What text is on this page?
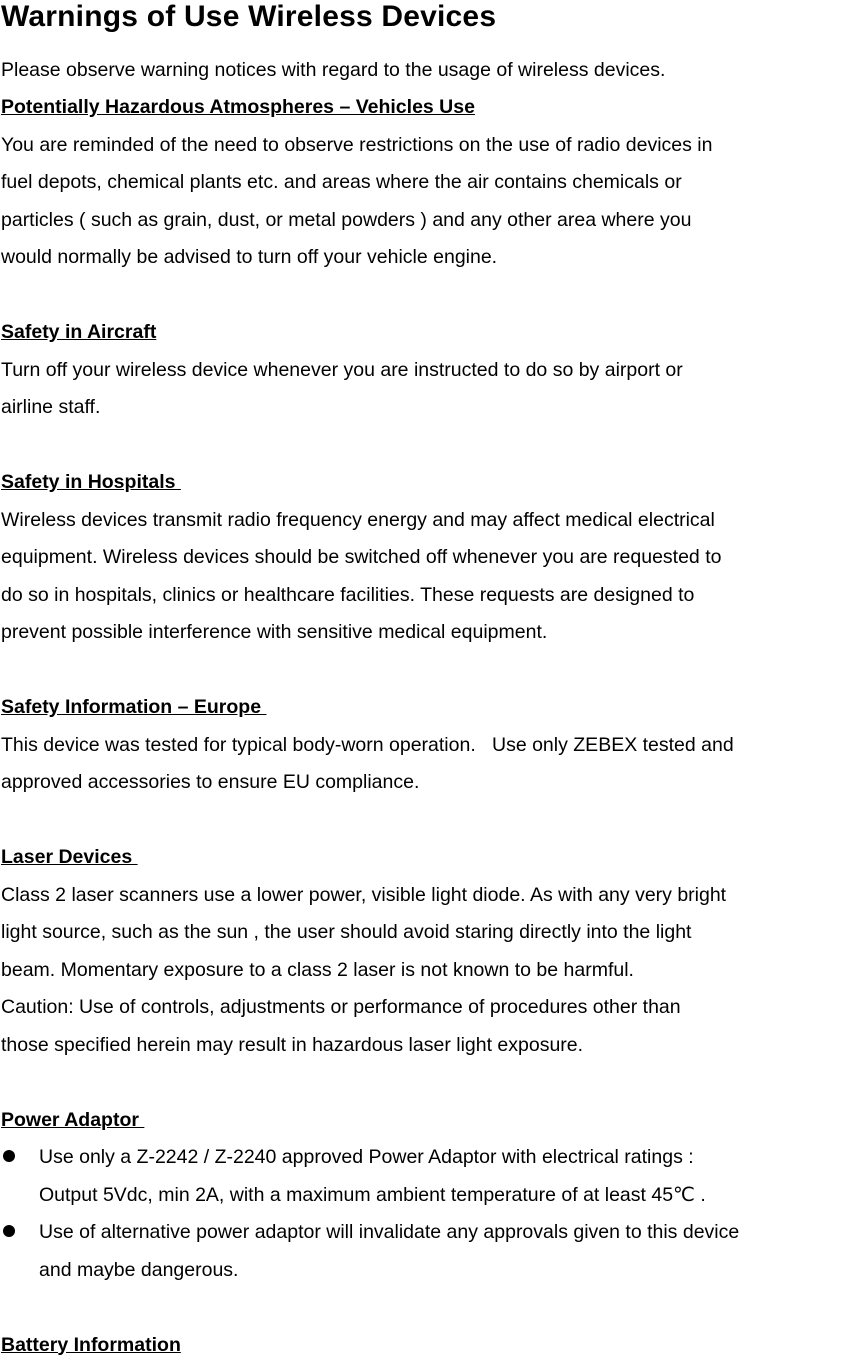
Warnings of Use Wireless Devices
Please observe warning notices with regard to the usage of wireless devices.
Potentially Hazardous Atmospheres – Vehicles Use
You are reminded of the need to observe restrictions on the use of radio devices in
fuel depots, chemical plants etc. and areas where the air contains chemicals or
particles ( such as grain, dust, or metal powders ) and any other area where you
would normally be advised to turn off your vehicle engine.
Safety in Aircraft
Turn off your wireless device whenever you are instructed to do so by airport or
airline staff.
Safety in Hospitals
Wireless devices transmit radio frequency energy and may affect medical electrical
equipment. Wireless devices should be switched off whenever you are requested to
do so in hospitals, clinics or healthcare facilities. These requests are designed to
prevent possible interference with sensitive medical equipment.
Safety Information – Europe
This device was tested for typical body-worn operation.   Use only ZEBEX tested and
approved accessories to ensure EU compliance.
Laser Devices
Class 2 laser scanners use a lower power, visible light diode. As with any very bright
light source, such as the sun , the user should avoid staring directly into the light
beam. Momentary exposure to a class 2 laser is not known to be harmful.
Caution: Use of controls, adjustments or performance of procedures other than
those specified herein may result in hazardous laser light exposure.
Power Adaptor
Use only a Z-2242 / Z-2240 approved Power Adaptor with electrical ratings :
Output 5Vdc, min 2A, with a maximum ambient temperature of at least 45℃ .
Use of alternative power adaptor will invalidate any approvals given to this device
and maybe dangerous.
Battery Information
